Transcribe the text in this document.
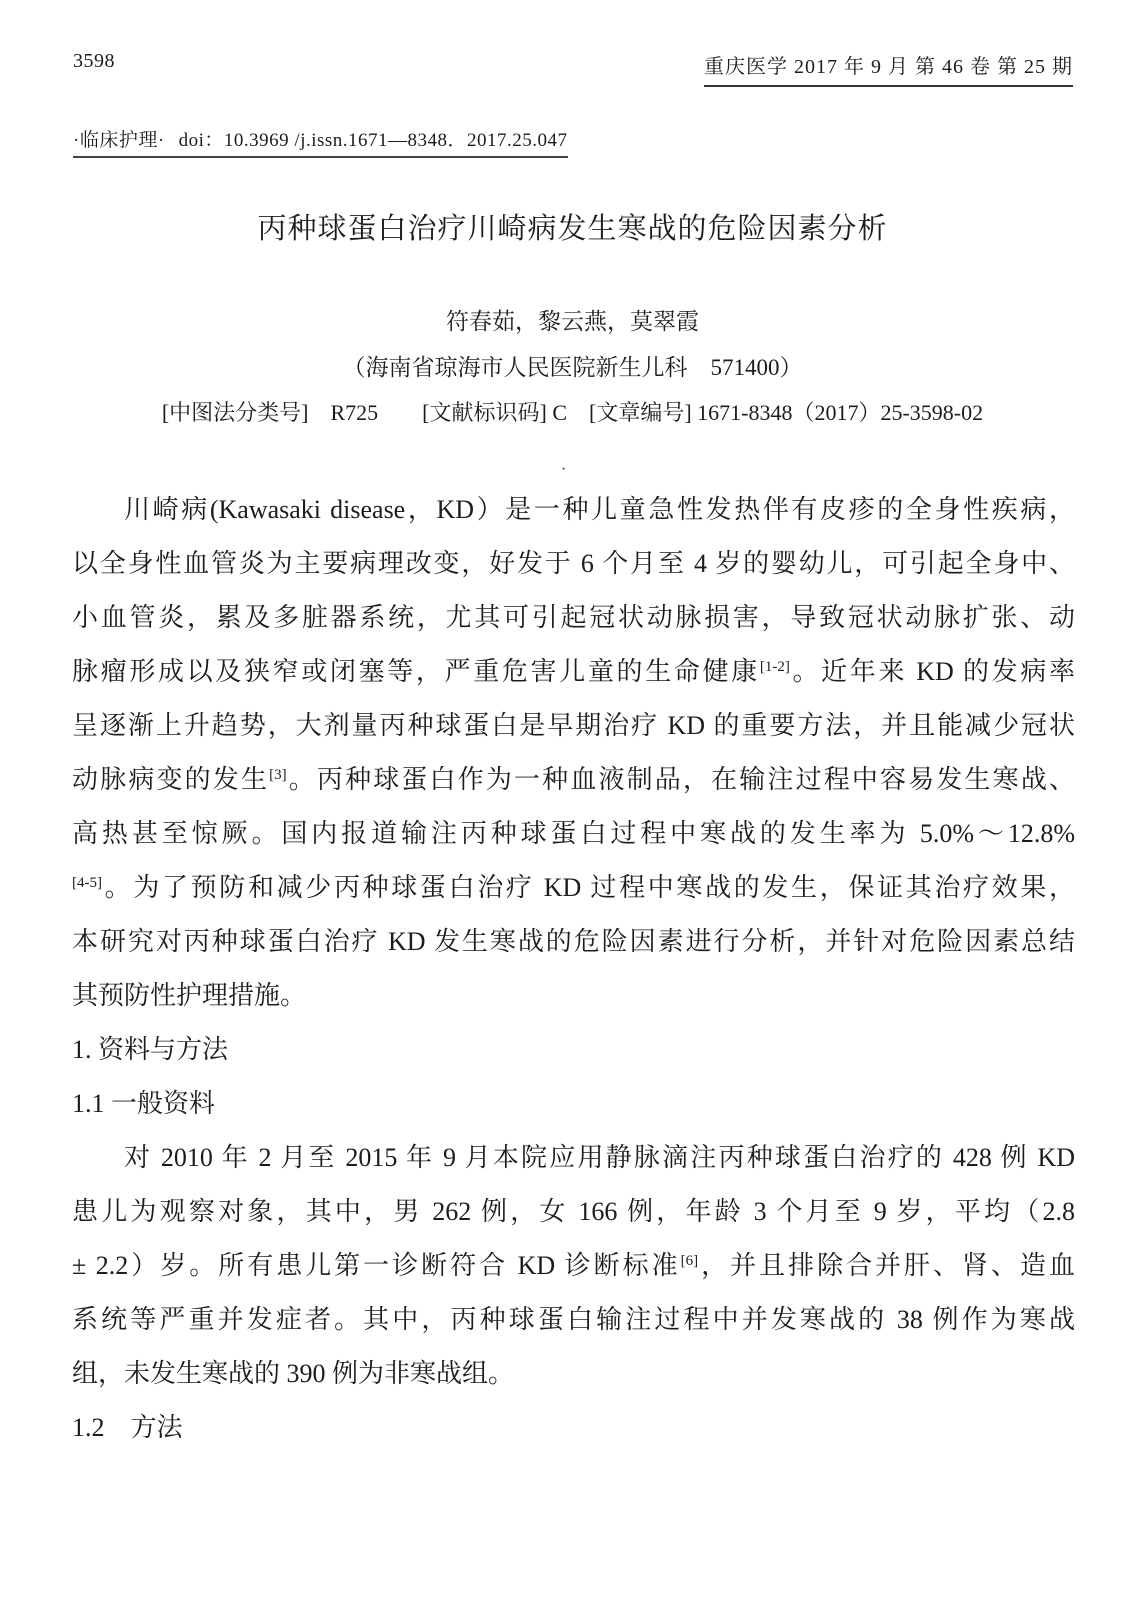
3598	重庆医学 2017 年 9 月 第 46 卷 第 25 期
·临床护理· doi：10.3969 /j.issn.1671—8348．2017.25.047
丙种球蛋白治疗川崎病发生寒战的危险因素分析
符春茹，黎云燕，莫翠霞
（海南省琼海市人民医院新生儿科　571400）
[中图法分类号]　R725　　[文献标识码] C　[文章编号] 1671-8348（2017）25-3598-02
·
川崎病(Kawasaki disease，KD）是一种儿童急性发热伴有皮疹的全身性疾病，
以全身性血管炎为主要病理改变，好发于 6 个月至 4 岁的婴幼儿，可引起全身中、
小血管炎，累及多脏器系统，尤其可引起冠状动脉损害，导致冠状动脉扩张、动
脉瘤形成以及狭窄或闭塞等，严重危害儿童的生命健康[1-2]。近年来 KD 的发病率
呈逐渐上升趋势，大剂量丙种球蛋白是早期治疗 KD 的重要方法，并且能减少冠状
动脉病变的发生[3]。丙种球蛋白作为一种血液制品，在输注过程中容易发生寒战、
高热甚至惊厥。国内报道输注丙种球蛋白过程中寒战的发生率为 5.0%～12.8%
[4-5]。为了预防和减少丙种球蛋白治疗 KD 过程中寒战的发生，保证其治疗效果，
本研究对丙种球蛋白治疗 KD 发生寒战的危险因素进行分析，并针对危险因素总结
其预防性护理措施。
1. 资料与方法
1.1 一般资料
对 2010 年 2 月至 2015 年 9 月本院应用静脉滴注丙种球蛋白治疗的 428 例 KD
患儿为观察对象，其中，男 262 例，女 166 例，年龄 3 个月至 9 岁，平均（2.8
± 2.2）岁。所有患儿第一诊断符合 KD 诊断标准[6]，并且排除合并肝、肾、造血
系统等严重并发症者。其中，丙种球蛋白输注过程中并发寒战的 38 例作为寒战
组，未发生寒战的 390 例为非寒战组。
1.2　方法
